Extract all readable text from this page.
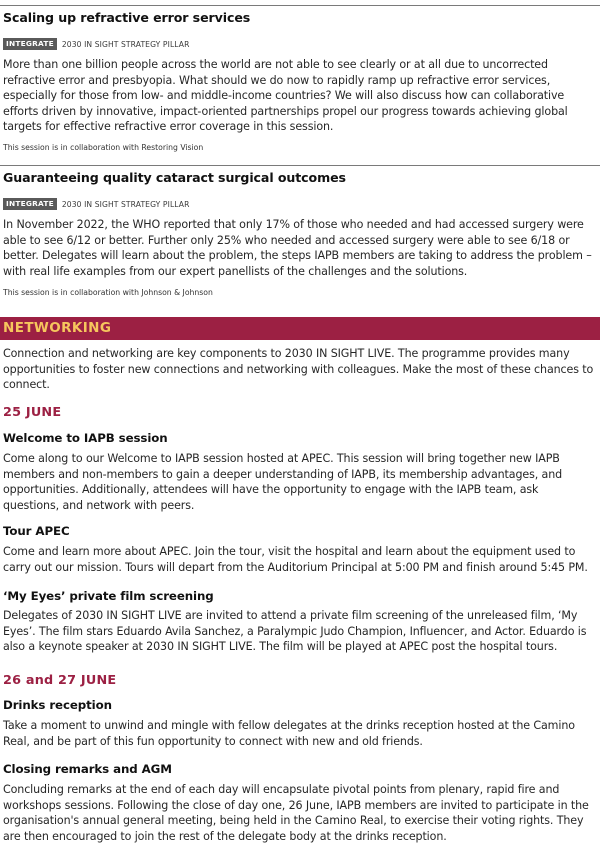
Scaling up refractive error services
INTEGRATE	2030 IN SIGHT STRATEGY PILLAR
More than one billion people across the world are not able to see clearly or at all due to uncorrected refractive error and presbyopia. What should we do now to rapidly ramp up refractive error services, especially for those from low- and middle-income countries? We will also discuss how can collaborative efforts driven by innovative, impact-oriented partnerships propel our progress towards achieving global targets for effective refractive error coverage in this session.
This session is in collaboration with Restoring Vision
Guaranteeing quality cataract surgical outcomes
INTEGRATE	2030 IN SIGHT STRATEGY PILLAR
In November 2022, the WHO reported that only 17% of those who needed and had accessed surgery were able to see 6/12 or better. Further only 25% who needed and accessed surgery were able to see 6/18 or better. Delegates will learn about the problem, the steps IAPB members are taking to address the problem – with real life examples from our expert panellists of the challenges and the solutions.
This session is in collaboration with Johnson & Johnson
NETWORKING
Connection and networking are key components to 2030 IN SIGHT LIVE. The programme provides many opportunities to foster new connections and networking with colleagues. Make the most of these chances to connect.
25 JUNE
Welcome to IAPB session
Come along to our Welcome to IAPB session hosted at APEC. This session will bring together new IAPB members and non-members to gain a deeper understanding of IAPB, its membership advantages, and opportunities. Additionally, attendees will have the opportunity to engage with the IAPB team, ask questions, and network with peers.
Tour APEC
Come and learn more about APEC. Join the tour, visit the hospital and learn about the equipment used to carry out our mission. Tours will depart from the Auditorium Principal at 5:00 PM and finish around 5:45 PM.
‘My Eyes’ private film screening
Delegates of 2030 IN SIGHT LIVE are invited to attend a private film screening of the unreleased film, ‘My Eyes’. The film stars Eduardo Avila Sanchez, a Paralympic Judo Champion, Influencer, and Actor. Eduardo is also a keynote speaker at 2030 IN SIGHT LIVE. The film will be played at APEC post the hospital tours.
26 and 27 JUNE
Drinks reception
Take a moment to unwind and mingle with fellow delegates at the drinks reception hosted at the Camino Real, and be part of this fun opportunity to connect with new and old friends.
Closing remarks and AGM
Concluding remarks at the end of each day will encapsulate pivotal points from plenary, rapid fire and workshops sessions. Following the close of day one, 26 June, IAPB members are invited to participate in the organisation's annual general meeting, being held in the Camino Real, to exercise their voting rights. They are then encouraged to join the rest of the delegate body at the drinks reception.
